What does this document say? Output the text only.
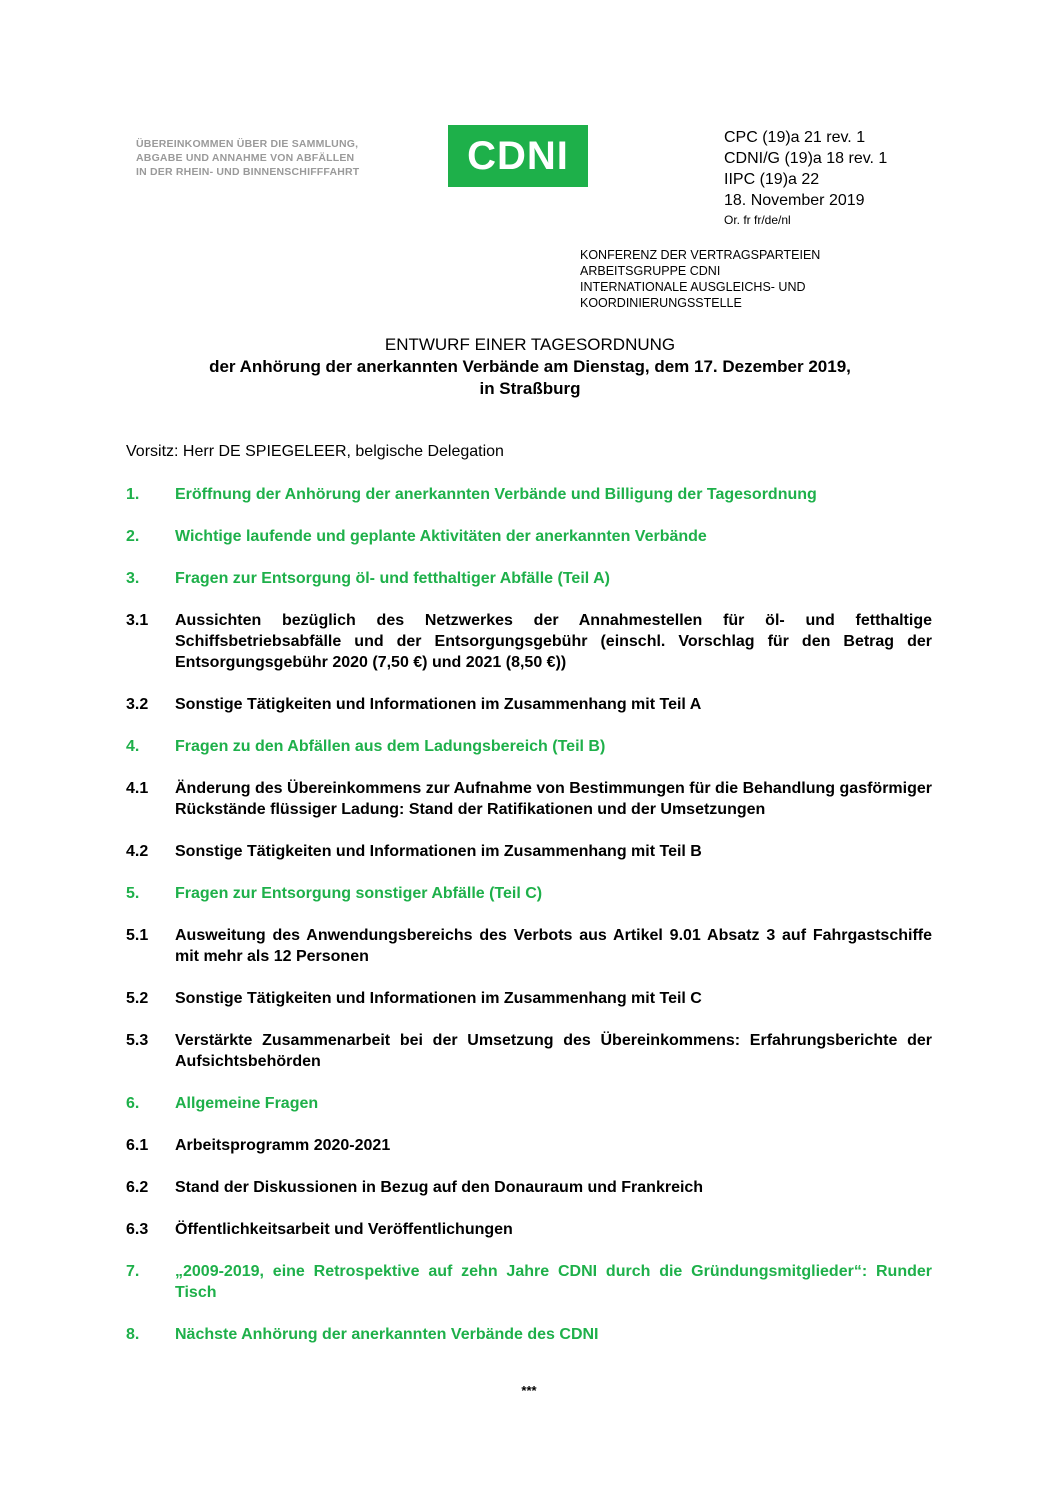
ÜBEREINKOMMEN ÜBER DIE SAMMLUNG,
ABGABE UND ANNAHME VON ABFÄLLEN
IN DER RHEIN- UND BINNENSCHIFFFAHRT	CDNI	CPC (19)a 21 rev. 1
CDNI/G (19)a 18 rev. 1
IIPC (19)a 22
18. November 2019
Or. fr fr/de/nl
KONFERENZ DER VERTRAGSPARTEIEN
ARBEITSGRUPPE CDNI
INTERNATIONALE AUSGLEICHS- UND
KOORDINIERUNGSSTELLE
ENTWURF EINER TAGESORDNUNG
der Anhörung der anerkannten Verbände am Dienstag, dem 17. Dezember 2019,
in Straßburg
Vorsitz: Herr DE SPIEGELEER, belgische Delegation
1.	Eröffnung der Anhörung der anerkannten Verbände und Billigung der Tagesordnung
2.	Wichtige laufende und geplante Aktivitäten der anerkannten Verbände
3.	Fragen zur Entsorgung öl- und fetthaltiger Abfälle (Teil A)
3.1	Aussichten bezüglich des Netzwerkes der Annahmestellen für öl- und fetthaltige Schiffsbetriebsabfälle und der Entsorgungsgebühr (einschl. Vorschlag für den Betrag der Entsorgungsgebühr 2020 (7,50 €) und 2021 (8,50 €))
3.2	Sonstige Tätigkeiten und Informationen im Zusammenhang mit Teil A
4.	Fragen zu den Abfällen aus dem Ladungsbereich (Teil B)
4.1	Änderung des Übereinkommens zur Aufnahme von Bestimmungen für die Behandlung gasförmiger Rückstände flüssiger Ladung: Stand der Ratifikationen und der Umsetzungen
4.2	Sonstige Tätigkeiten und Informationen im Zusammenhang mit Teil B
5.	Fragen zur Entsorgung sonstiger Abfälle (Teil C)
5.1	Ausweitung des Anwendungsbereichs des Verbots aus Artikel 9.01 Absatz 3 auf Fahrgastschiffe mit mehr als 12 Personen
5.2	Sonstige Tätigkeiten und Informationen im Zusammenhang mit Teil C
5.3	Verstärkte Zusammenarbeit bei der Umsetzung des Übereinkommens: Erfahrungsberichte der Aufsichtsbehörden
6.	Allgemeine Fragen
6.1	Arbeitsprogramm 2020-2021
6.2	Stand der Diskussionen in Bezug auf den Donauraum und Frankreich
6.3	Öffentlichkeitsarbeit und Veröffentlichungen
7.	„2009-2019, eine Retrospektive auf zehn Jahre CDNI durch die Gründungsmitglieder“: Runder Tisch
8.	Nächste Anhörung der anerkannten Verbände des CDNI
***
